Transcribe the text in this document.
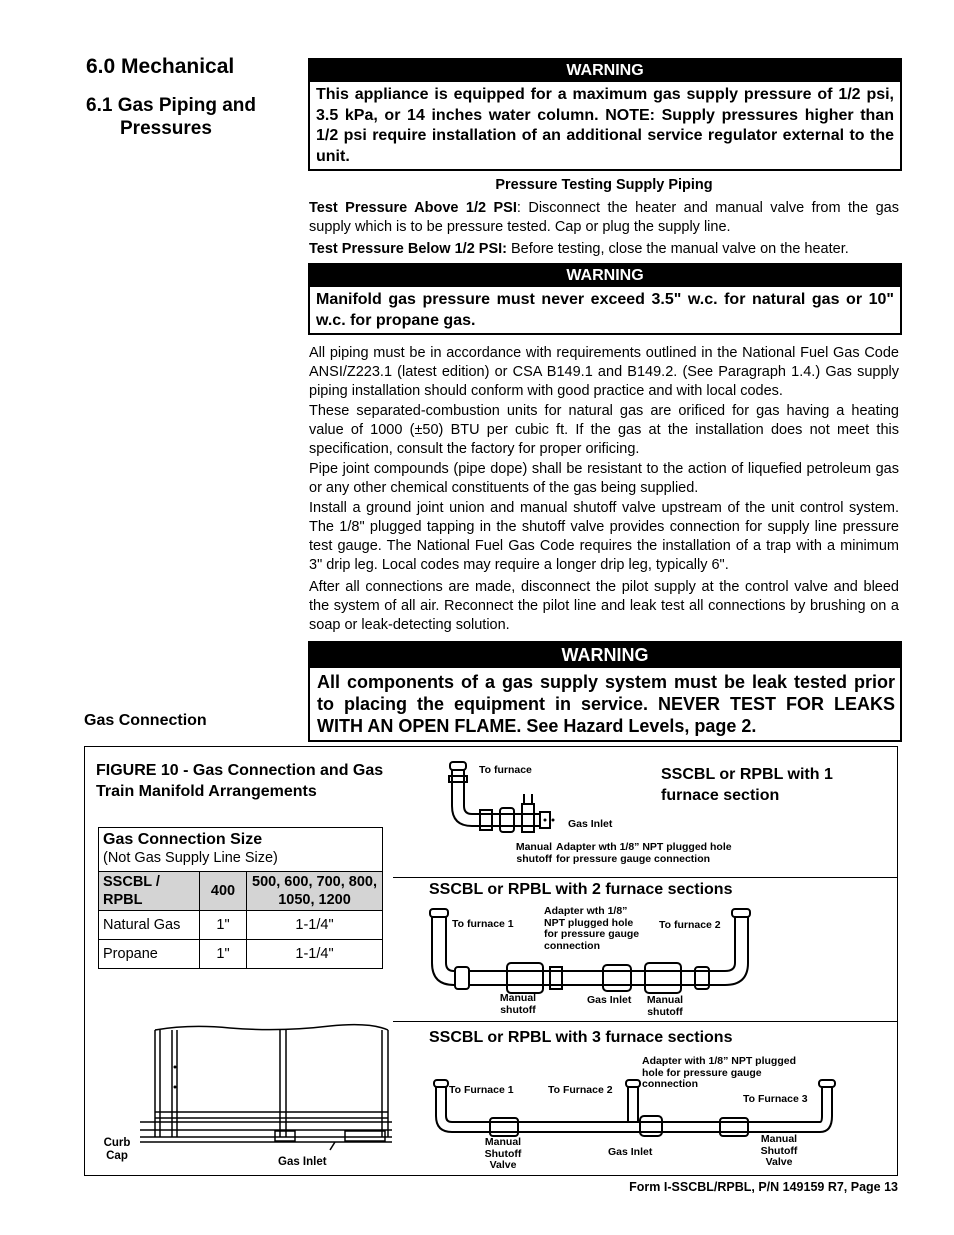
6.0 Mechanical
6.1 Gas Piping and
Pressures
WARNING
This appliance is equipped for a maximum gas supply pressure of 1/2 psi, 3.5 kPa, or 14 inches water column. NOTE: Supply pressures higher than 1/2 psi require installation of an additional service regulator external to the unit.
Pressure Testing Supply Piping

Test Pressure Above 1/2 PSI: Disconnect the heater and manual valve from the gas supply which is to be pressure tested. Cap or plug the supply line.

Test Pressure Below 1/2 PSI: Before testing, close the manual valve on the heater.

WARNING
Manifold gas pressure must never exceed 3.5" w.c. for natural gas or 10" w.c. for propane gas.

All piping must be in accordance with requirements outlined in the National Fuel Gas Code ANSI/Z223.1 (latest edition) or CSA B149.1 and B149.2. (See Paragraph 1.4.) Gas supply piping installation should conform with good practice and with local codes.

These separated-combustion units for natural gas are orificed for gas having a heating value of 1000 (±50) BTU per cubic ft. If the gas at the installation does not meet this specification, consult the factory for proper orificing.

Pipe joint compounds (pipe dope) shall be resistant to the action of liquefied petroleum gas or any other chemical constituents of the gas being supplied.

Install a ground joint union and manual shutoff valve upstream of the unit control system. The 1/8" plugged tapping in the shutoff valve provides connection for supply line pressure test gauge. The National Fuel Gas Code requires the installation of a trap with a minimum 3" drip leg. Local codes may require a longer drip leg, typically 6".

After all connections are made, disconnect the pilot supply at the control valve and bleed the system of all air. Reconnect the pilot line and leak test all connections by brushing on a soap or leak-detecting solution.

WARNING
All components of a gas supply system must be leak tested prior to placing the equipment in service. NEVER TEST FOR LEAKS WITH AN OPEN FLAME. See Hazard Levels, page 2.
Gas Connection
FIGURE 10 - Gas Connection and Gas Train Manifold Arrangements
Gas Connection Size
(Not Gas Supply Line Size)		
SSCBL / RPBL	400	500, 600, 700, 800, 1050, 1200
Natural Gas	1"	1-1/4"
Propane	1"	1-1/4"
To furnace
Gas Inlet
Manual shutoff
Adapter wth 1/8” NPT plugged hole for pressure gauge connection
SSCBL or RPBL with 1 furnace section
SSCBL or RPBL with 2 furnace sections
To furnace 1	To furnace 2
Adapter wth 1/8” NPT plugged hole for pressure gauge connection
Manual shutoff
Gas Inlet	Manual shutoff
SSCBL or RPBL with 3 furnace sections
To Furnace 1	To Furnace 2
To Furnace 3
Adapter with 1/8” NPT plugged hole for pressure gauge connection
Manual Shutoff Valve
Gas Inlet
Manual Shutoff Valve
Curb Cap	Gas Inlet
Form I-SSCBL/RPBL, P/N 149159 R7, Page 13
